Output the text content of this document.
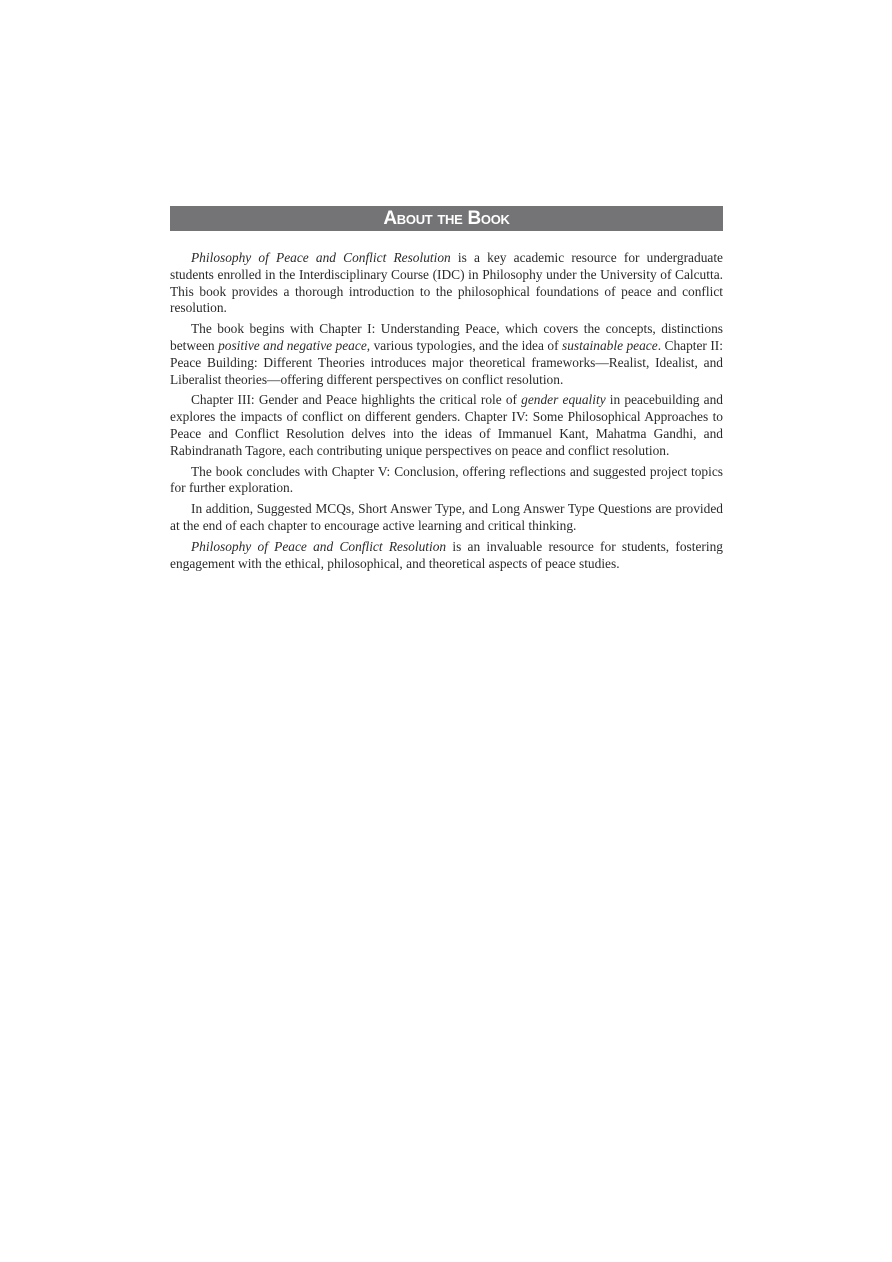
About the Book

Philosophy of Peace and Conflict Resolution is a key academic resource for undergraduate students enrolled in the Interdisciplinary Course (IDC) in Philosophy under the University of Calcutta. This book provides a thorough introduction to the philosophical foundations of peace and conflict resolution.

The book begins with Chapter I: Understanding Peace, which covers the concepts, distinctions between positive and negative peace, various typologies, and the idea of sustainable peace. Chapter II: Peace Building: Different Theories introduces major theoretical frameworks—Realist, Idealist, and Liberalist theories—offering different perspectives on conflict resolution.

Chapter III: Gender and Peace highlights the critical role of gender equality in peacebuilding and explores the impacts of conflict on different genders. Chapter IV: Some Philosophical Approaches to Peace and Conflict Resolution delves into the ideas of Immanuel Kant, Mahatma Gandhi, and Rabindranath Tagore, each contributing unique perspectives on peace and conflict resolution.

The book concludes with Chapter V: Conclusion, offering reflections and suggested project topics for further exploration.

In addition, Suggested MCQs, Short Answer Type, and Long Answer Type Questions are provided at the end of each chapter to encourage active learning and critical thinking.

Philosophy of Peace and Conflict Resolution is an invaluable resource for students, fostering engagement with the ethical, philosophical, and theoretical aspects of peace studies.
